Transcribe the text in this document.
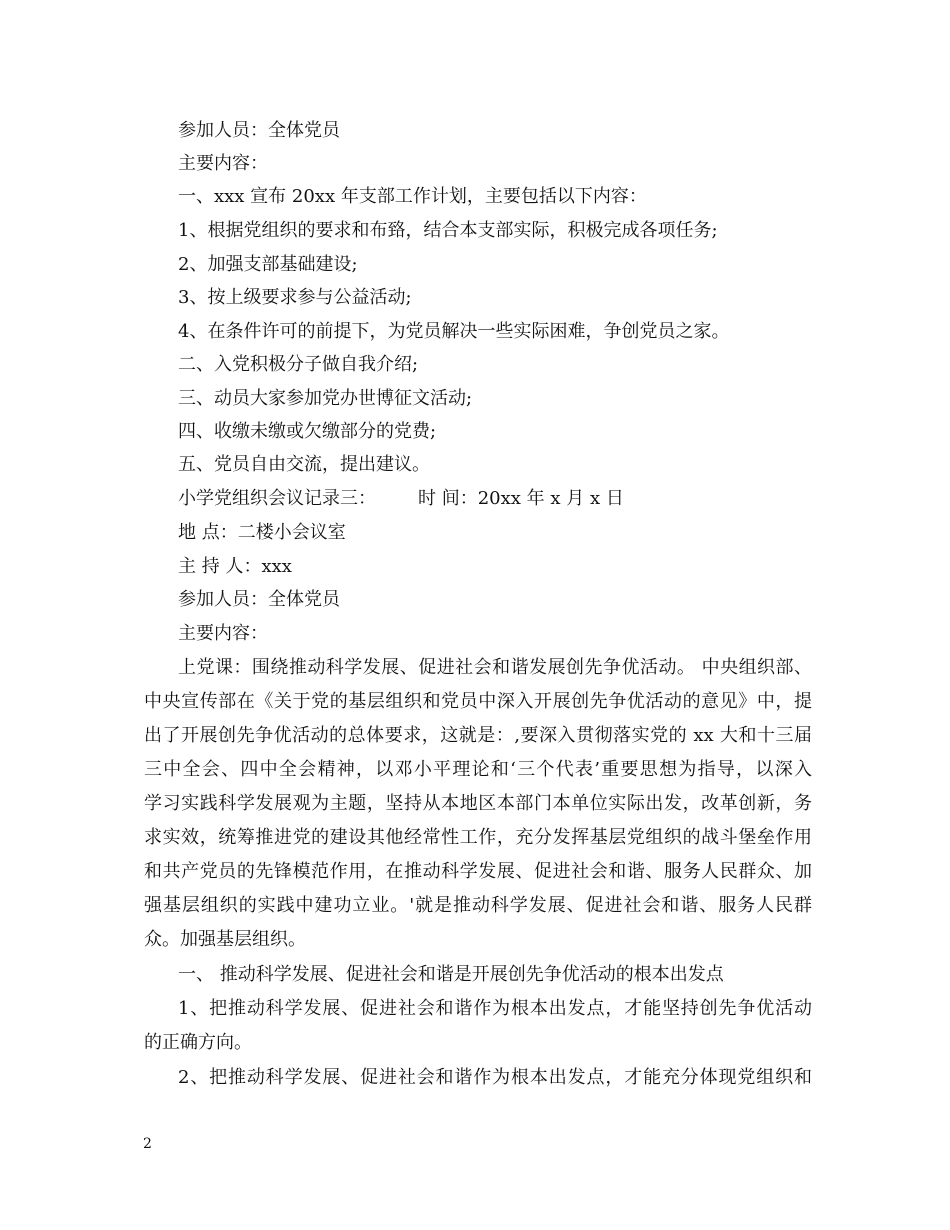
参加人员：全体党员
主要内容：
一、xxx 宣布 20xx 年支部工作计划，主要包括以下内容：
1、根据党组织的要求和布臵，结合本支部实际，积极完成各项任务;
2、加强支部基础建设;
3、按上级要求参与公益活动;
4、在条件许可的前提下，为党员解决一些实际困难，争创党员之家。
二、入党积极分子做自我介绍;
三、动员大家参加党办世博征文活动;
四、收缴未缴或欠缴部分的党费;
五、党员自由交流，提出建议。
小学党组织会议记录三： 时 间：20xx 年 x 月 x 日
地 点：二楼小会议室
主 持 人：xxx
参加人员：全体党员
主要内容：
上党课：围绕推动科学发展、促进社会和谐发展创先争优活动。 中央组织部、
中央宣传部在《关于党的基层组织和党员中深入开展创先争优活动的意见》中，提
出了开展创先争优活动的总体要求，这就是：,要深入贯彻落实党的 xx 大和十三届
三中全会、四中全会精神，以邓小平理论和‘三个代表’重要思想为指导，以深入
学习实践科学发展观为主题，坚持从本地区本部门本单位实际出发，改革创新，务
求实效，统筹推进党的建设其他经常性工作，充分发挥基层党组织的战斗堡垒作用
和共产党员的先锋模范作用，在推动科学发展、促进社会和谐、服务人民群众、加
强基层组织的实践中建功立业。'就是推动科学发展、促进社会和谐、服务人民群
众。加强基层组织。
一、 推动科学发展、促进社会和谐是开展创先争优活动的根本出发点
1、把推动科学发展、促进社会和谐作为根本出发点，才能坚持创先争优活动
的正确方向。
2、把推动科学发展、促进社会和谐作为根本出发点，才能充分体现党组织和
2
